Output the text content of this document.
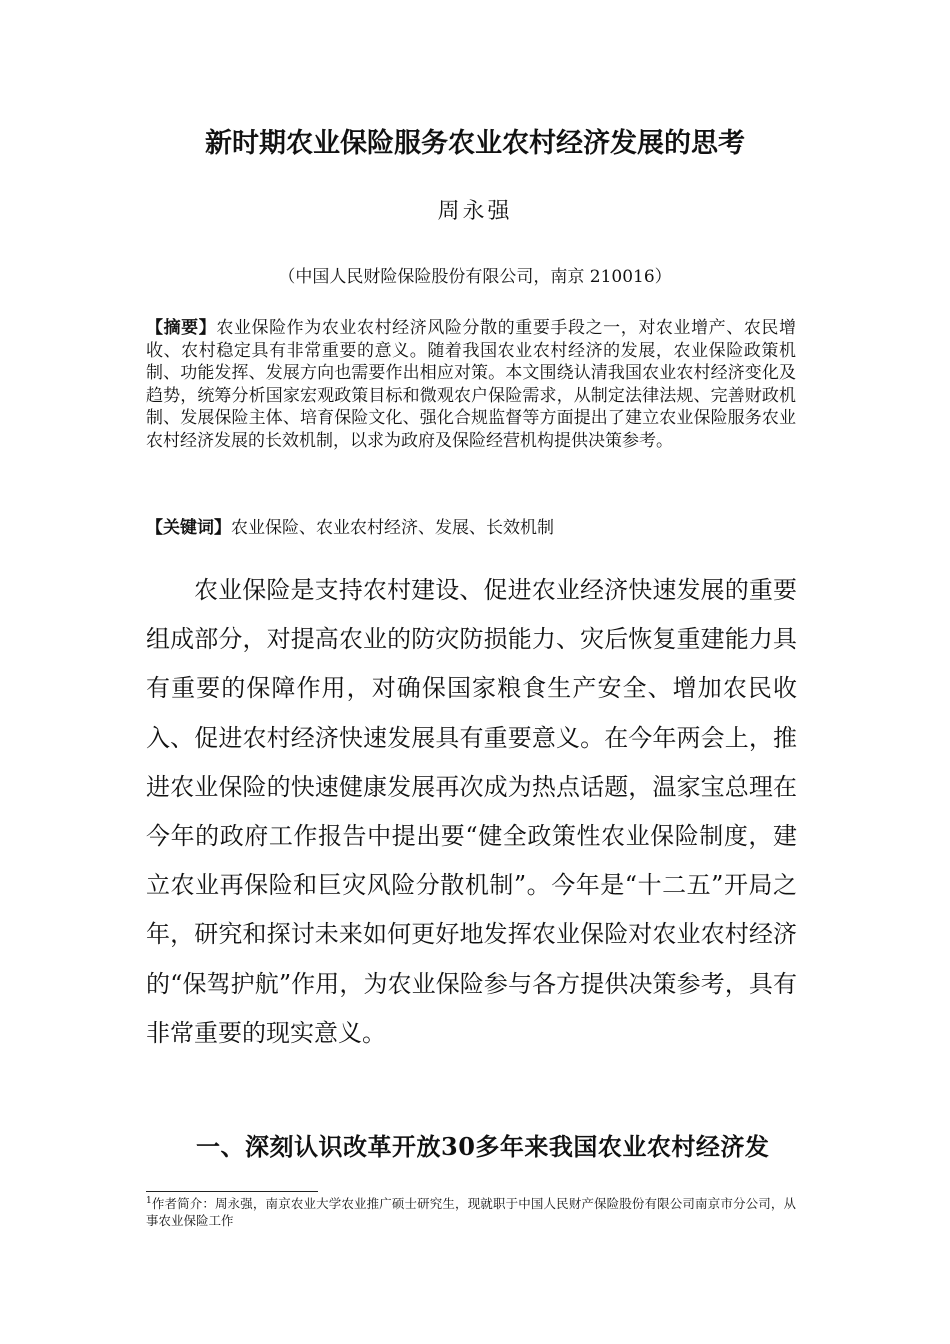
新时期农业保险服务农业农村经济发展的思考
周永强
（中国人民财险保险股份有限公司，南京 210016）
【摘要】农业保险作为农业农村经济风险分散的重要手段之一，对农业增产、农民增收、农村稳定具有非常重要的意义。随着我国农业农村经济的发展，农业保险政策机制、功能发挥、发展方向也需要作出相应对策。本文围绕认清我国农业农村经济变化及趋势，统筹分析国家宏观政策目标和微观农户保险需求，从制定法律法规、完善财政机制、发展保险主体、培育保险文化、强化合规监督等方面提出了建立农业保险服务农业农村经济发展的长效机制，以求为政府及保险经营机构提供决策参考。
【关键词】农业保险、农业农村经济、发展、长效机制

农业保险是支持农村建设、促进农业经济快速发展的重要组成部分，对提高农业的防灾防损能力、灾后恢复重建能力具有重要的保障作用，对确保国家粮食生产安全、增加农民收入、促进农村经济快速发展具有重要意义。在今年两会上，推进农业保险的快速健康发展再次成为热点话题，温家宝总理在今年的政府工作报告中提出要“健全政策性农业保险制度，建立农业再保险和巨灾风险分散机制”。今年是“十二五”开局之年，研究和探讨未来如何更好地发挥农业保险对农业农村经济的“保驾护航”作用，为农业保险参与各方提供决策参考，具有非常重要的现实意义。

一、深刻认识改革开放30多年来我国农业农村经济发
$^1$作者简介：周永强，南京农业大学农业推广硕士研究生，现就职于中国人民财产保险股份有限公司南京市分公司，从事农业保险工作
